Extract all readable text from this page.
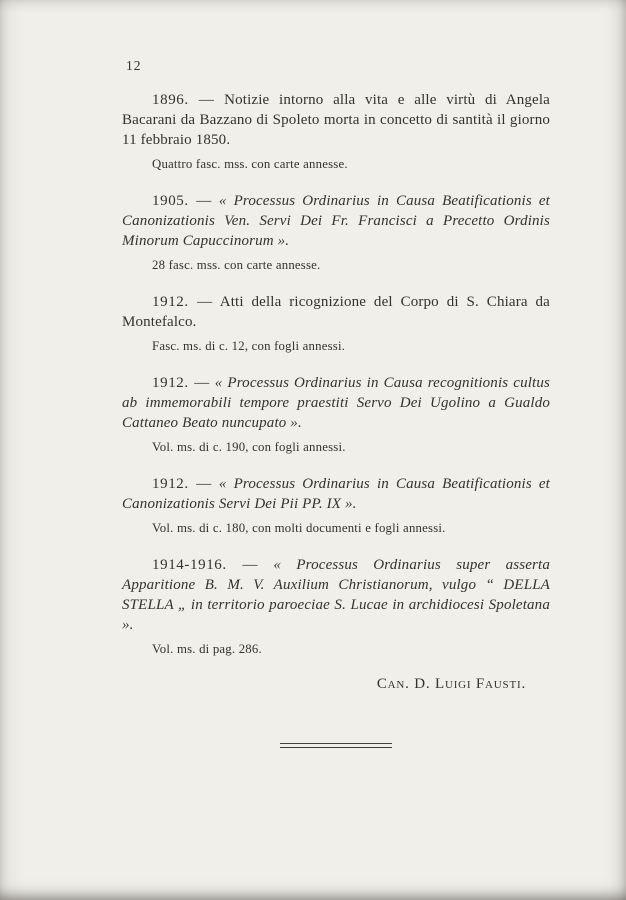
12

1896. — Notizie intorno alla vita e alle virtù di Angela Bacarani da Bazzano di Spoleto morta in concetto di santità il giorno 11 febbraio 1850.

Quattro fasc. mss. con carte annesse.

1905. — « Processus Ordinarius in Causa Beatificationis et Canonizationis Ven. Servi Dei Fr. Francisci a Precetto Ordinis Minorum Capuccinorum ».

28 fasc. mss. con carte annesse.

1912. — Atti della ricognizione del Corpo di S. Chiara da Montefalco.

Fasc. ms. di c. 12, con fogli annessi.

1912. — « Processus Ordinarius in Causa recognitionis cultus ab immemorabili tempore praestiti Servo Dei Ugolino a Gualdo Cattaneo Beato nuncupato ».

Vol. ms. di c. 190, con fogli annessi.

1912. — « Processus Ordinarius in Causa Beatificationis et Canonizationis Servi Dei Pii PP. IX ».

Vol. ms. di c. 180, con molti documenti e fogli annessi.

1914-1916. — « Processus Ordinarius super asserta Apparitione B. M. V. Auxilium Christianorum, vulgo “ DELLA STELLA „ in territorio paroeciae S. Lucae in archidiocesi Spoletana ».

Vol. ms. di pag. 286.

Can. D. Luigi Fausti.
